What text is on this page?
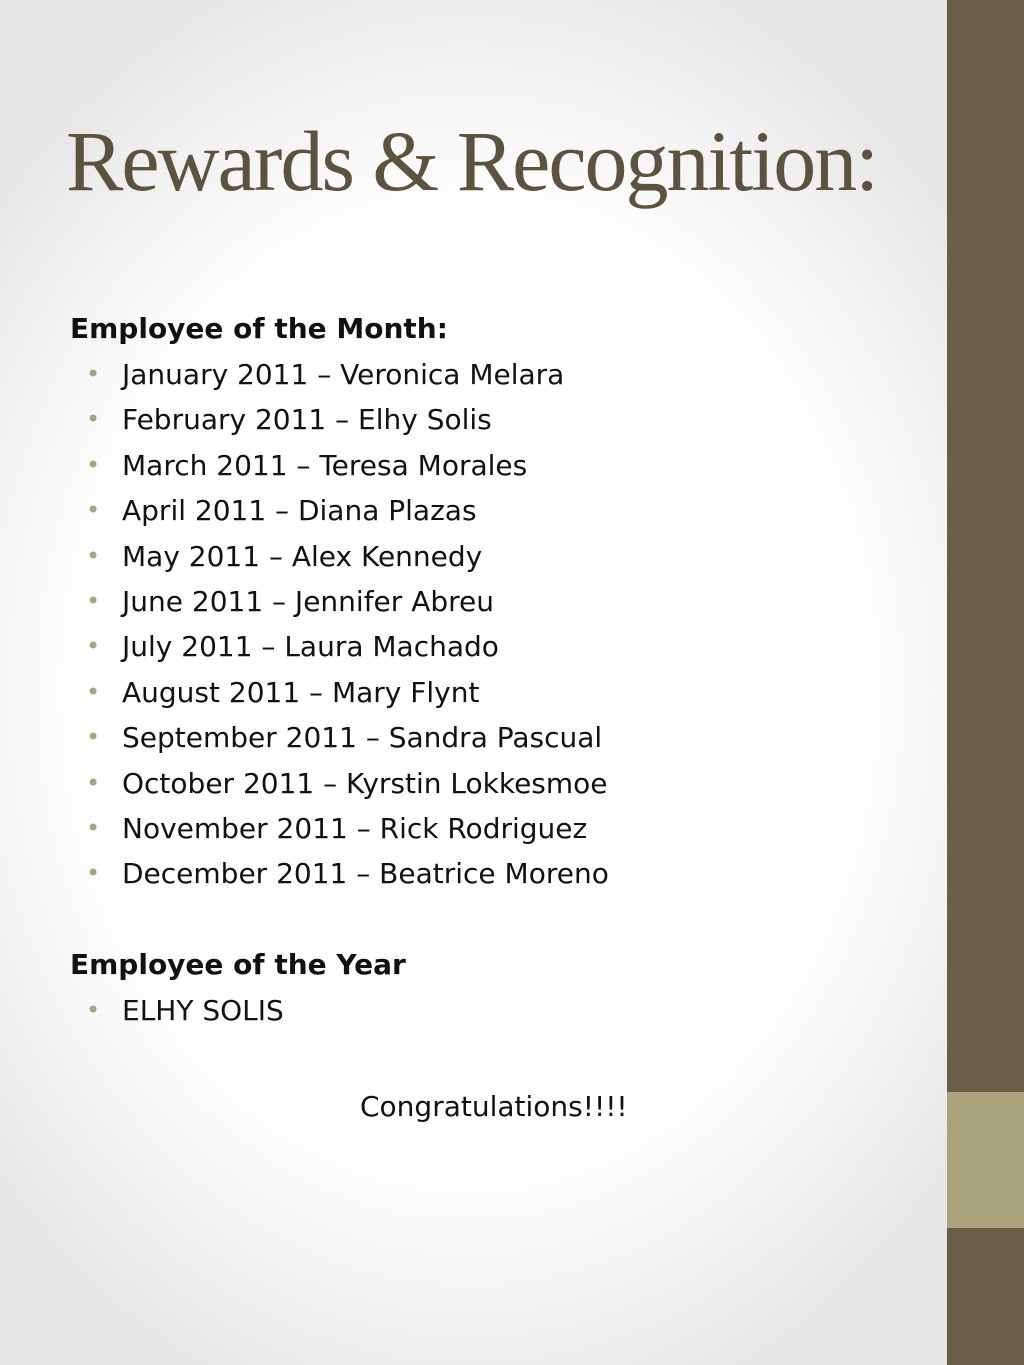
Rewards & Recognition:
Employee of the Month:
• January 2011 – Veronica Melara
• February 2011 – Elhy Solis
• March 2011 – Teresa Morales
• April 2011 – Diana Plazas
• May 2011 – Alex Kennedy
• June 2011 – Jennifer Abreu
• July 2011 – Laura Machado
• August 2011 – Mary Flynt
• September 2011 – Sandra Pascual
• October 2011 – Kyrstin Lokkesmoe
• November 2011 – Rick Rodriguez
• December 2011 – Beatrice Moreno
Employee of the Year
• ELHY SOLIS
Congratulations!!!!
